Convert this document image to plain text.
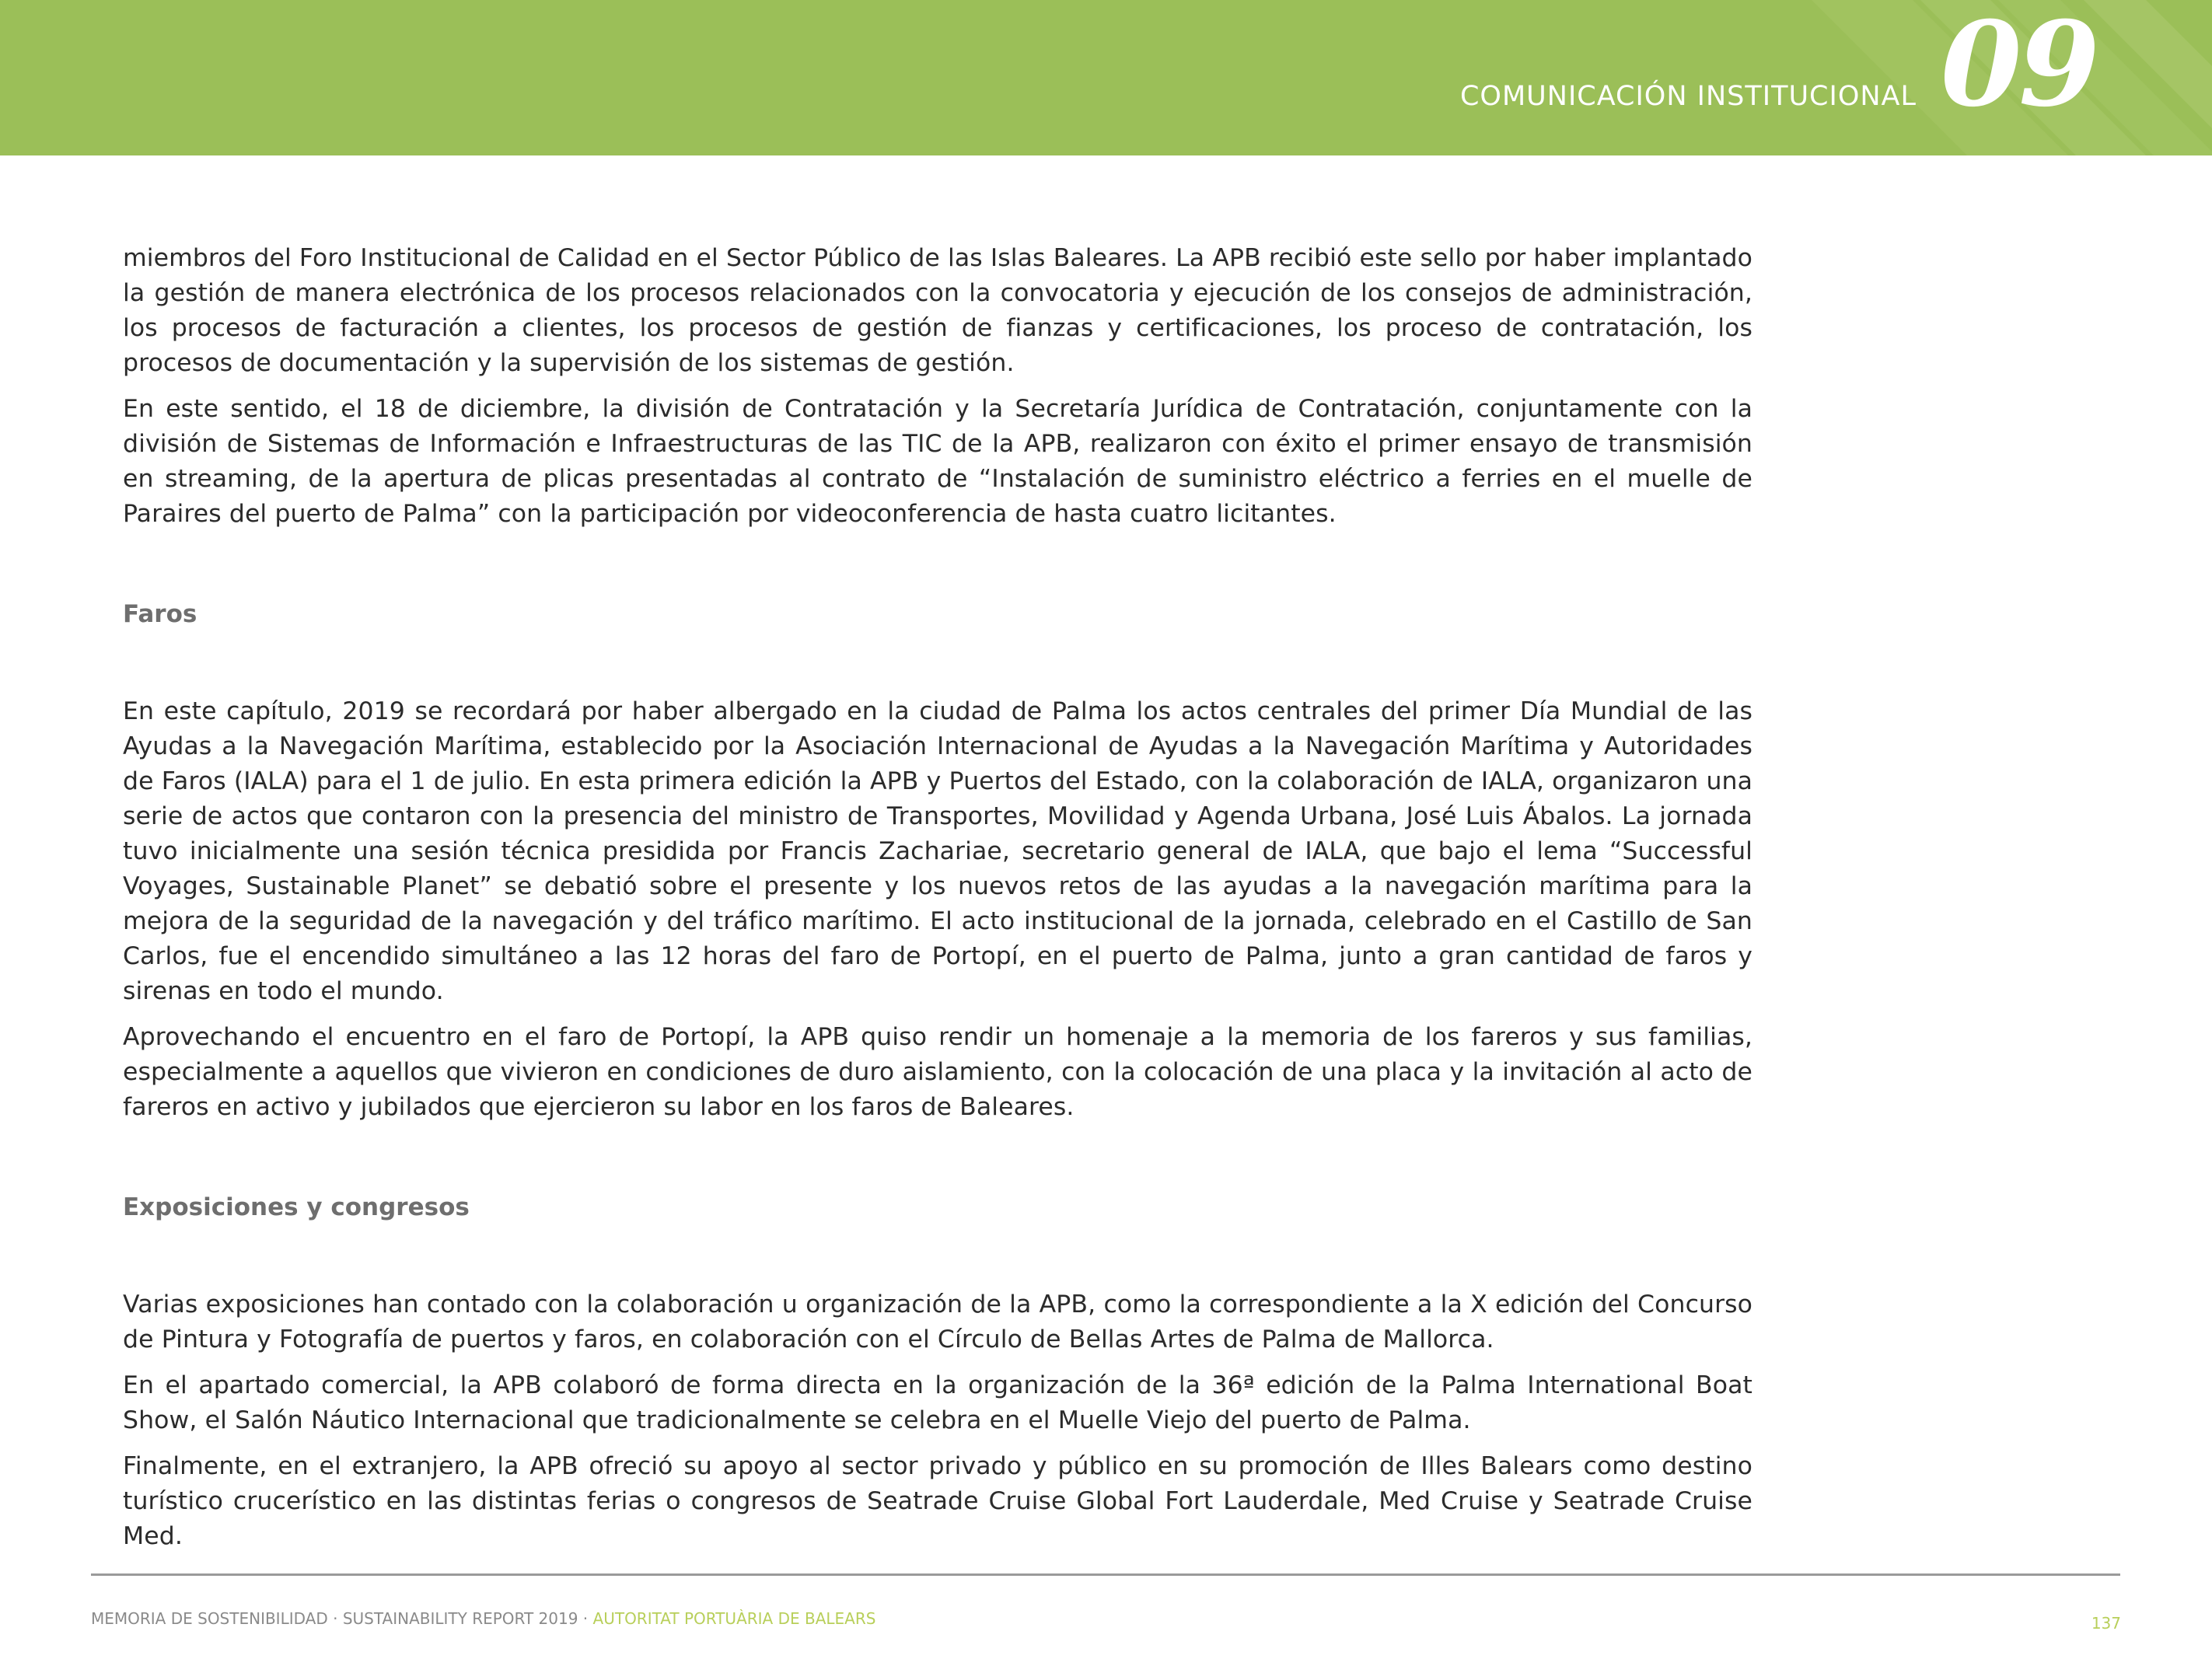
COMUNICACIÓN INSTITUCIONAL 09

miembros del Foro Institucional de Calidad en el Sector Público de las Islas Baleares. La APB recibió este sello por haber implantado la gestión de manera electrónica de los procesos relacionados con la convocatoria y ejecución de los consejos de administración, los procesos de facturación a clientes, los procesos de gestión de fianzas y certificaciones, los proceso de contratación, los procesos de documentación y la supervisión de los sistemas de gestión.

En este sentido, el 18 de diciembre, la división de Contratación y la Secretaría Jurídica de Contratación, conjuntamente con la división de Sistemas de Información e Infraestructuras de las TIC de la APB, realizaron con éxito el primer ensayo de transmisión en streaming, de la apertura de plicas presentadas al contrato de “Instalación de suministro eléctrico a ferries en el muelle de Paraires del puerto de Palma” con la participación por videoconferencia de hasta cuatro licitantes.

Faros

En este capítulo, 2019 se recordará por haber albergado en la ciudad de Palma los actos centrales del primer Día Mundial de las Ayudas a la Navegación Marítima, establecido por la Asociación Internacional de Ayudas a la Navegación Marítima y Autoridades de Faros (IALA) para el 1 de julio. En esta primera edición la APB y Puertos del Estado, con la colaboración de IALA, organizaron una serie de actos que contaron con la presencia del ministro de Transportes, Movilidad y Agenda Urbana, José Luis Ábalos. La jornada tuvo inicialmente una sesión técnica presidida por Francis Zachariae, secretario general de IALA, que bajo el lema “Successful Voyages, Sustainable Planet” se debatió sobre el presente y los nuevos retos de las ayudas a la navegación marítima para la mejora de la seguridad de la navegación y del tráfico marítimo. El acto institucional de la jornada, celebrado en el Castillo de San Carlos, fue el encendido simultáneo a las 12 horas del faro de Portopí, en el puerto de Palma, junto a gran cantidad de faros y sirenas en todo el mundo.

Aprovechando el encuentro en el faro de Portopí, la APB quiso rendir un homenaje a la memoria de los fareros y sus familias, especialmente a aquellos que vivieron en condiciones de duro aislamiento, con la colocación de una placa y la invitación al acto de fareros en activo y jubilados que ejercieron su labor en los faros de Baleares.

Exposiciones y congresos

Varias exposiciones han contado con la colaboración u organización de la APB, como la correspondiente a la X edición del Concurso de Pintura y Fotografía de puertos y faros, en colaboración con el Círculo de Bellas Artes de Palma de Mallorca.

En el apartado comercial, la APB colaboró de forma directa en la organización de la 36ª edición de la Palma International Boat Show, el Salón Náutico Internacional que tradicionalmente se celebra en el Muelle Viejo del puerto de Palma.

Finalmente, en el extranjero, la APB ofreció su apoyo al sector privado y público en su promoción de Illes Balears como destino turístico crucerístico en las distintas ferias o congresos de Seatrade Cruise Global Fort Lauderdale, Med Cruise y Seatrade Cruise Med.

MEMORIA DE SOSTENIBILIDAD · SUSTAINABILITY REPORT 2019 · AUTORITAT PORTUÀRIA DE BALEARS	137
